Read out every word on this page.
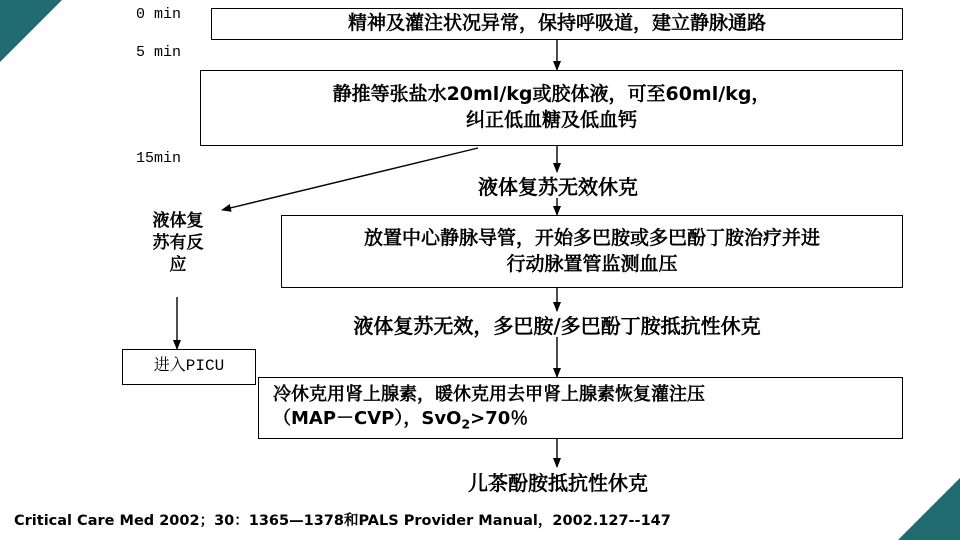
0 min
5 min
15min
精神及灌注状况异常，保持呼吸道，建立静脉通路
静推等张盐水20ml/kg或胶体液，可至60ml/kg，
纠正低血糖及低血钙
液体复苏无效休克
液体复
苏有反
应
放置中心静脉导管，开始多巴胺或多巴酚丁胺治疗并进
行动脉置管监测血压
液体复苏无效，多巴胺/多巴酚丁胺抵抗性休克
进入PICU
冷休克用肾上腺素，暖休克用去甲肾上腺素恢复灌注压
（MAP－CVP），SvO$_2$>70％
儿茶酚胺抵抗性休克
Critical Care Med 2002；30：1365—1378和PALS Provider Manual，2002.127--147
